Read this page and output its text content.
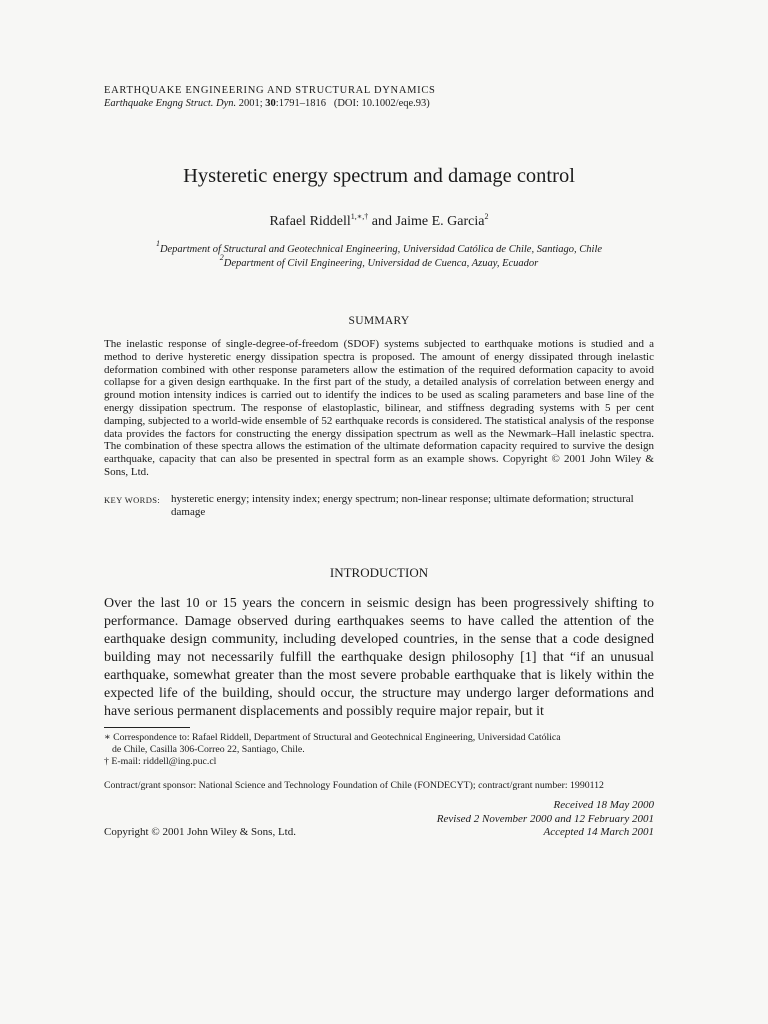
EARTHQUAKE ENGINEERING AND STRUCTURAL DYNAMICS
Earthquake Engng Struct. Dyn. 2001; 30:1791–1816 (DOI: 10.1002/eqe.93)
Hysteretic energy spectrum and damage control
Rafael Riddell$^{1,∗,\dagger}$ and Jaime E. Garcia$^2$
$^1$Department of Structural and Geotechnical Engineering, Universidad Católica de Chile, Santiago, Chile
$^2$Department of Civil Engineering, Universidad de Cuenca, Azuay, Ecuador
SUMMARY
The inelastic response of single-degree-of-freedom (SDOF) systems subjected to earthquake motions is studied and a method to derive hysteretic energy dissipation spectra is proposed. The amount of energy dissipated through inelastic deformation combined with other response parameters allow the estimation of the required deformation capacity to avoid collapse for a given design earthquake. In the first part of the study, a detailed analysis of correlation between energy and ground motion intensity indices is carried out to identify the indices to be used as scaling parameters and base line of the energy dissipation spectrum. The response of elastoplastic, bilinear, and stiffness degrading systems with 5 per cent damping, subjected to a world-wide ensemble of 52 earthquake records is considered. The statistical analysis of the response data provides the factors for constructing the energy dissipation spectrum as well as the Newmark–Hall inelastic spectra. The combination of these spectra allows the estimation of the ultimate deformation capacity required to survive the design earthquake, capacity that can also be presented in spectral form as an example shows. Copyright © 2001 John Wiley & Sons, Ltd.
KEY WORDS: hysteretic energy; intensity index; energy spectrum; non-linear response; ultimate deformation; structural damage
INTRODUCTION
Over the last 10 or 15 years the concern in seismic design has been progressively shifting to performance. Damage observed during earthquakes seems to have called the attention of the earthquake design community, including developed countries, in the sense that a code designed building may not necessarily fulfill the earthquake design philosophy [1] that “if an unusual earthquake, somewhat greater than the most severe probable earthquake that is likely within the expected life of the building, should occur, the structure may undergo larger deformations and have serious permanent displacements and possibly require major repair, but it

∗ Correspondence to: Rafael Riddell, Department of Structural and Geotechnical Engineering, Universidad Católica

de Chile, Casilla 306-Correo 22, Santiago, Chile.

† E-mail: riddell@ing.puc.cl

Contract/grant sponsor: National Science and Technology Foundation of Chile (FONDECYT); contract/grant number: 1990112
Received 18 May 2000
Revised 2 November 2000 and 12 February 2001
Copyright © 2001 John Wiley & Sons, Ltd.	Accepted 14 March 2001
